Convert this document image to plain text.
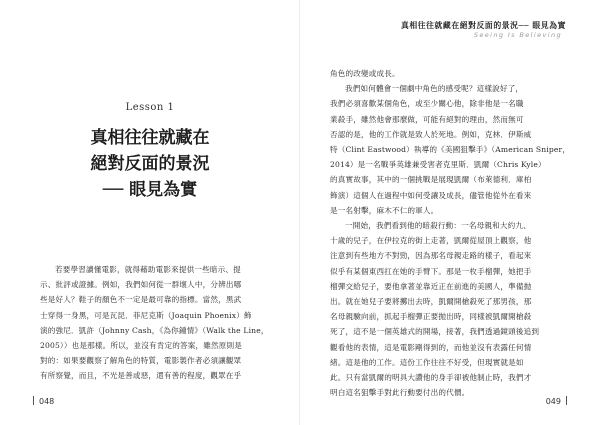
Lesson 1
真相往往就藏在
絕對反面的景況
── 眼見為實

若要學習讀懂電影，就得藉助電影來提供一些暗示、提
示、批評或證據。例如，我們如何從一群壞人中，分辨出哪
些是好人？鞋子的顏色不一定是最可靠的指標。當然，黑武
士穿得一身黑，可是瓦昆．菲尼克斯（Joaquin Phoenix）飾
演的強尼．凱許（Johnny Cash，《為你鍾情》（Walk the Line，
2005））也是那樣。所以，並沒有肯定的答案，雖然原則是
對的：如果要觀察了解角色的特質，電影製作者必須讓觀眾
有所察覺，而且，不光是善或惡，還有善的程度，觀眾在乎

048
真相往往就藏在絕對反面的景況── 眼見為實
Seeing Is Believing

角色的改變或成長。

我們如何體會一個劇中角色的感受呢？這樣說好了，
我們必須喜歡某個角色，或至少關心他，除非他是一名職
業殺手，雖然他會那麼做，可能有絕對的理由，然而無可
否認的是，他的工作就是致人於死地。例如，克林．伊斯威
特（Clint Eastwood）執導的《美國狙擊手》（American Sniper，
2014）是一名戰爭英雄兼受害者克里斯．凱爾（Chris Kyle）
的真實故事，其中的一個挑戰是展現凱爾（布萊德利．庫柏
飾演）這個人在過程中如何受讓及成長，儘管他從外在看來
是一名射擊，麻木不仁的軍人。

一開始，我們看到他的暗殺行動：一名母親和大約九、
十歲的兒子，在伊拉克的街上走著，凱爾從屋頂上觀察，他
注意到有些地方不對勁，因為那名母親走路的樣子，看起來
似乎有某個東西扛在她的手臂下。那是一枚手榴彈，她把手
榴彈交給兒子，要他拿著並靠近正在前進的美國人，準備抛
出。就在她兒子要將擲出去時，凱爾開槍殺死了那男孩，那
名母親驗向前，抓起手榴彈正要抛出時，同樣被凱爾開槍殺
死了，這不是一個英雄式的開場，接著，我們透過鏡頭後追到
觀看他的表情，這是電影剛得到的，而他並沒有表露任何情
緒。這是他的工作。這份工作往往不好受，但現實就是如
此。只有當凱爾的明具大讚他的身手卻被他制止時，我們才
明白這名狙擊手對此行動要付出的代價。

049
